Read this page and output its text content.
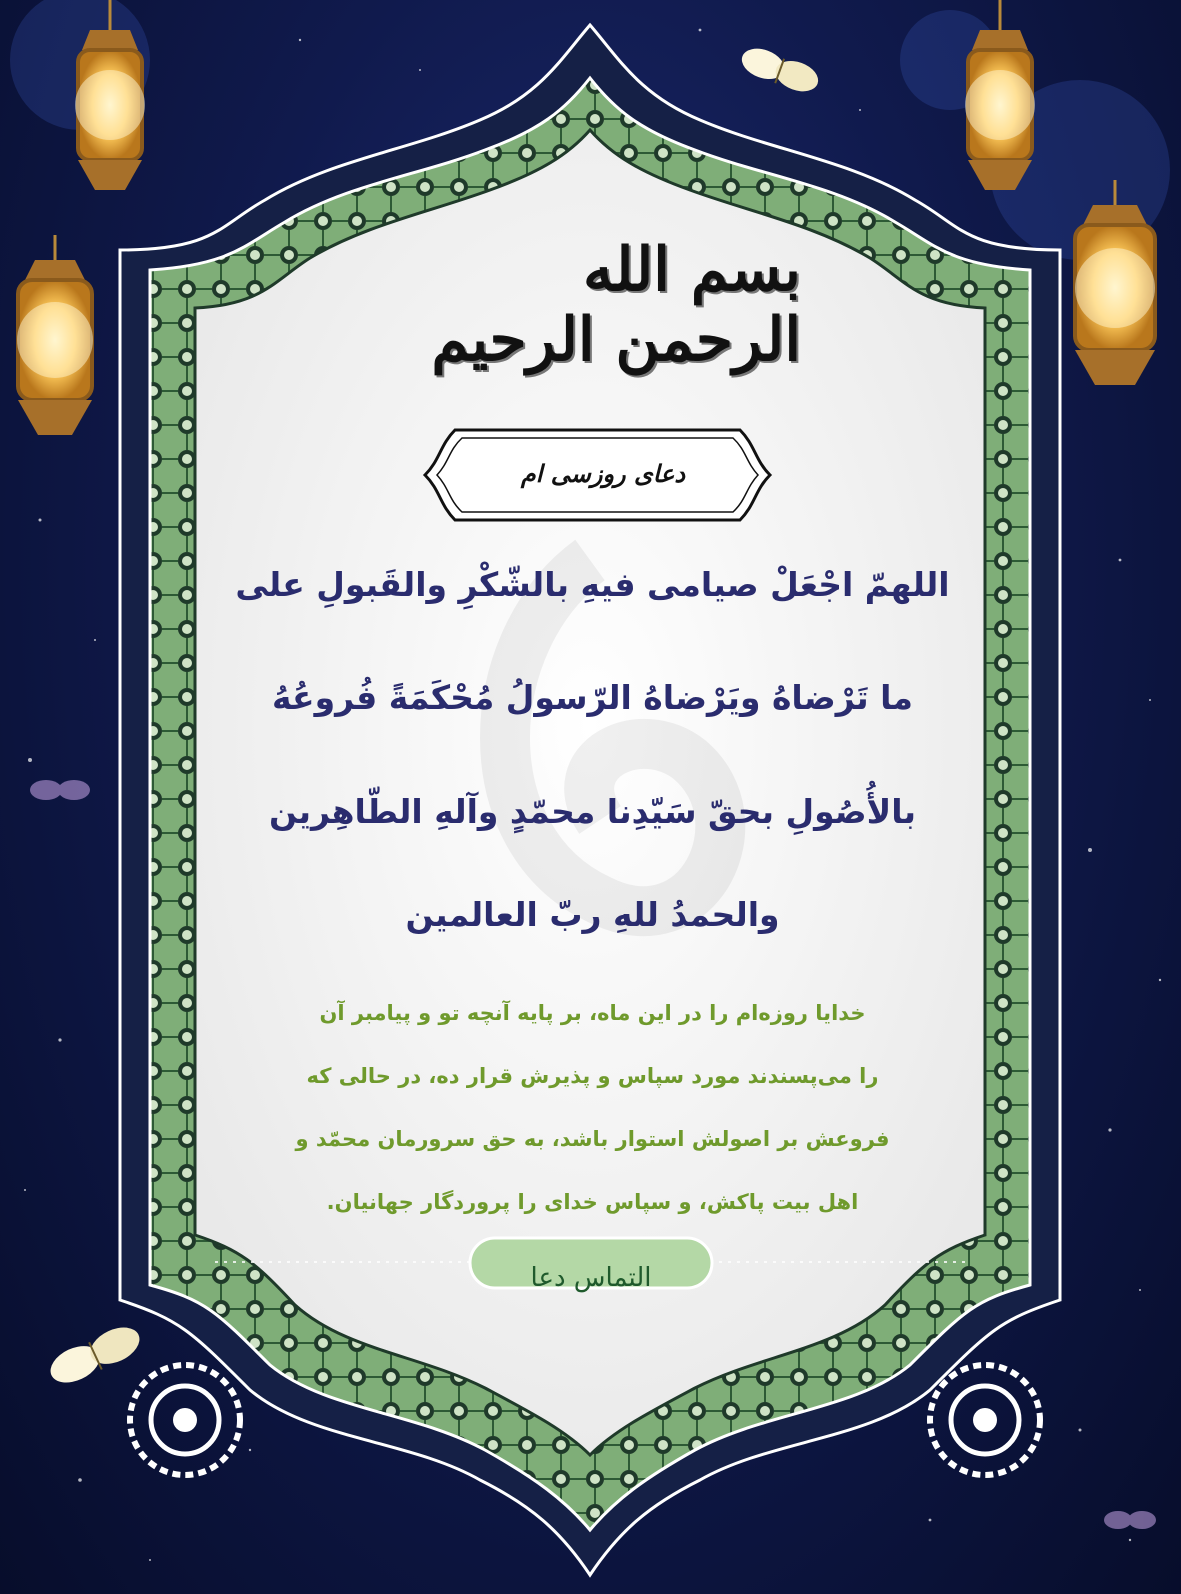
بسم الله الرحمن الرحیم
دعای روزسی ام
اللهمّ اجْعَلْ صیامی فیهِ بالشّكْرِ والقَبولِ علی
ما تَرْضاهُ ویَرْضاهُ الرّسولُ مُحْكَمَةً فُروعُهُ
بالأُصُولِ بحقّ سَیّدِنا محمّدٍ وآلهِ الطّاهِرین
والحمدُ للهِ ربّ العالمین
خدایا روزه‌ام را در این ماه، بر پایه آنچه تو و پیامبر آن
را می‌پسندند مورد سپاس و پذیرش قرار ده، در حالی که
فروعش بر اصولش استوار باشد، به حق سرورمان محمّد و
اهل بیت پاکش، و سپاس خدای را پروردگار جهانیان.
التماس دعا
